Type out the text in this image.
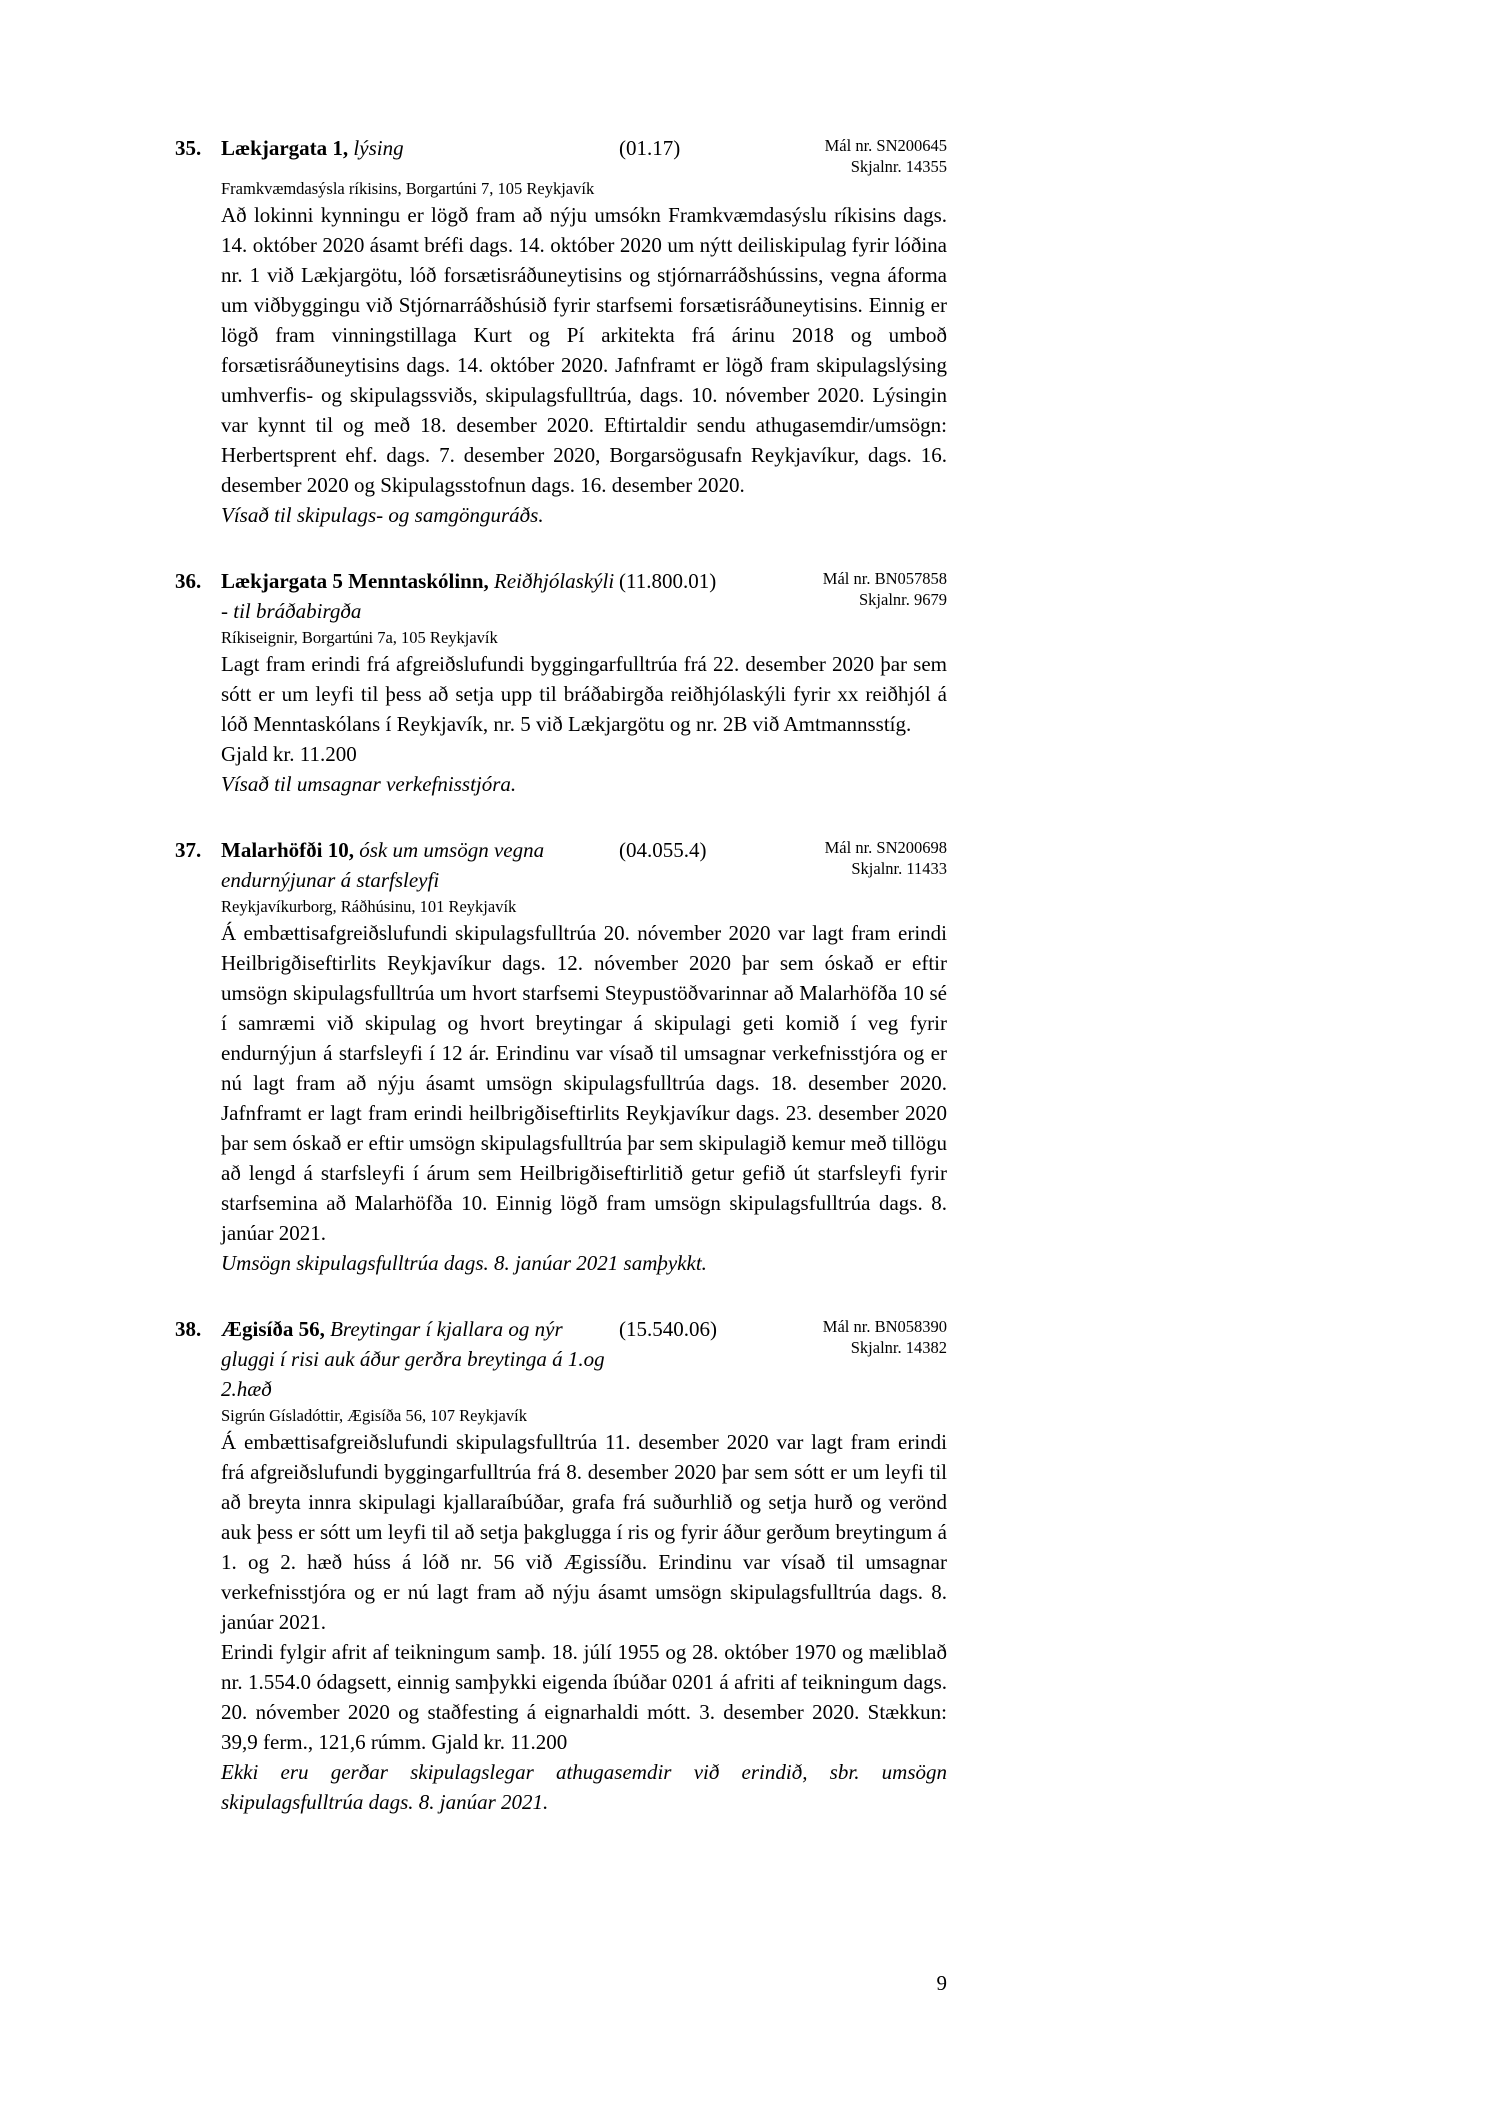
35. Lækjargata 1, lýsing	(01.17)	Mál nr. SN200645
Skjalnr. 14355
Framkvæmdasýsla ríkisins, Borgartúni 7, 105 Reykjavík

Að lokinni kynningu er lögð fram að nýju umsókn Framkvæmdasýslu ríkisins dags. 14. október 2020 ásamt bréfi dags. 14. október 2020 um nýtt deiliskipulag fyrir lóðina nr. 1 við Lækjargötu, lóð forsætisráðuneytisins og stjórnarráðshússins, vegna áforma um viðbyggingu við Stjórnarráðshúsið fyrir starfsemi forsætisráðuneytisins. Einnig er lögð fram vinningstillaga Kurt og Pí arkitekta frá árinu 2018 og umboð forsætisráðuneytisins dags. 14. október 2020. Jafnframt er lögð fram skipulagslýsing umhverfis- og skipulagssviðs, skipulagsfulltrúa, dags. 10. nóvember 2020. Lýsingin var kynnt til og með 18. desember 2020. Eftirtaldir sendu athugasemdir/umsögn: Herbertsprent ehf. dags. 7. desember 2020, Borgarsögusafn Reykjavíkur, dags. 16. desember 2020 og Skipulagsstofnun dags. 16. desember 2020.

Vísað til skipulags- og samgönguráðs.
36. Lækjargata 5 Menntaskólinn, Reiðhjólaskýli - til bráðabirgða
(11.800.01)	Mál nr. BN057858
Skjalnr. 9679
Ríkiseignir, Borgartúni 7a, 105 Reykjavík

Lagt fram erindi frá afgreiðslufundi byggingarfulltrúa frá 22. desember 2020 þar sem sótt er um leyfi til þess að setja upp til bráðabirgða reiðhjólaskýli fyrir xx reiðhjól á lóð Menntaskólans í Reykjavík, nr. 5 við Lækjargötu og nr. 2B við Amtmannsstíg.

Gjald kr. 11.200

Vísað til umsagnar verkefnisstjóra.
37. Malarhöfði 10, ósk um umsögn vegna endurnýjunar á starfsleyfi
(04.055.4)	Mál nr. SN200698
Skjalnr. 11433
Reykjavíkurborg, Ráðhúsinu, 101 Reykjavík

Á embættisafgreiðslufundi skipulagsfulltrúa 20. nóvember 2020 var lagt fram erindi Heilbrigðiseftirlits Reykjavíkur dags. 12. nóvember 2020 þar sem óskað er eftir umsögn skipulagsfulltrúa um hvort starfsemi Steypustöðvarinnar að Malarhöfða 10 sé í samræmi við skipulag og hvort breytingar á skipulagi geti komið í veg fyrir endurnýjun á starfsleyfi í 12 ár. Erindinu var vísað til umsagnar verkefnisstjóra og er nú lagt fram að nýju ásamt umsögn skipulagsfulltrúa dags. 18. desember 2020. Jafnframt er lagt fram erindi heilbrigðiseftirlits Reykjavíkur dags. 23. desember 2020 þar sem óskað er eftir umsögn skipulagsfulltrúa þar sem skipulagið kemur með tillögu að lengd á starfsleyfi í árum sem Heilbrigðiseftirlitið getur gefið út starfsleyfi fyrir starfsemina að Malarhöfða 10. Einnig lögð fram umsögn skipulagsfulltrúa dags. 8. janúar 2021.

Umsögn skipulagsfulltrúa dags. 8. janúar 2021 samþykkt.
38. Ægisíða 56, Breytingar í kjallara og nýr gluggi í risi auk áður gerðra breytinga á 1.og 2.hæð
(15.540.06)	Mál nr. BN058390
Skjalnr. 14382
Sigrún Gísladóttir, Ægisíða 56, 107 Reykjavík

Á embættisafgreiðslufundi skipulagsfulltrúa 11. desember 2020 var lagt fram erindi frá afgreiðslufundi byggingarfulltrúa frá 8. desember 2020 þar sem sótt er um leyfi til að breyta innra skipulagi kjallaraíbúðar, grafa frá suðurhlið og setja hurð og verönd auk þess er sótt um leyfi til að setja þakglugga í ris og fyrir áður gerðum breytingum á 1. og 2. hæð húss á lóð nr. 56 við Ægissíðu. Erindinu var vísað til umsagnar verkefnisstjóra og er nú lagt fram að nýju ásamt umsögn skipulagsfulltrúa dags. 8. janúar 2021.

Erindi fylgir afrit af teikningum samþ. 18. júlí 1955 og 28. október 1970 og mæliblað nr. 1.554.0 ódagsett, einnig samþykki eigenda íbúðar 0201 á afriti af teikningum dags. 20. nóvember 2020 og staðfesting á eignarhaldi mótt. 3. desember 2020. Stækkun: 39,9 ferm., 121,6 rúmm. Gjald kr. 11.200

Ekki eru gerðar skipulagslegar athugasemdir við erindið, sbr. umsögn skipulagsfulltrúa dags. 8. janúar 2021.
9
